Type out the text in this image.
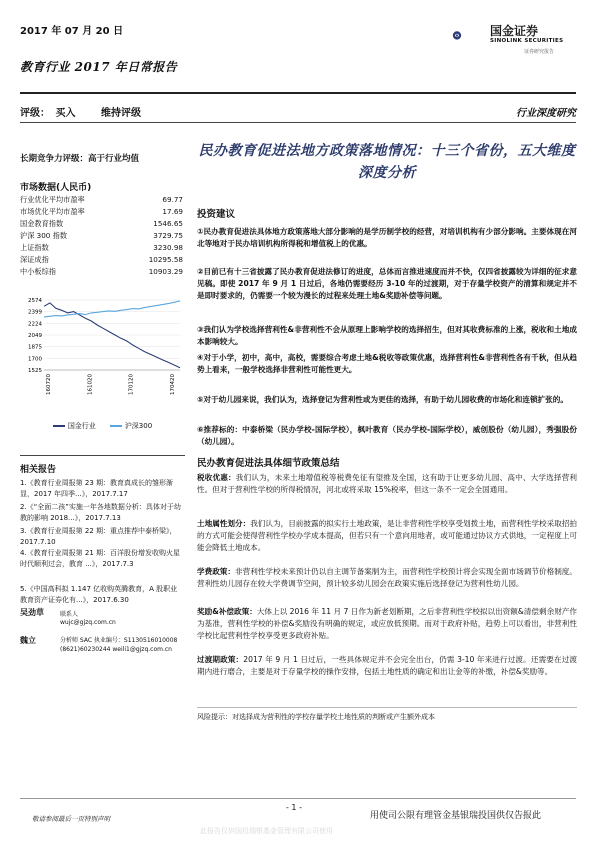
2017 年 07 月 20 日
教育行业 2017 年日常报告
国金证券
SINOLINK SECURITIES
证券研究报告
评级： 买入	维持评级	行业深度研究
长期竞争力评级：高于行业均值
市场数据(人民币)
行业优化平均市盈率	69.77
市场优化平均市盈率	17.69
国金教育指数	1546.65
沪深 300 指数	3729.75
上证指数	3230.98
深证成指	10295.58
中小板综指	10903.29
1525
1700
1875
2049
2224
2399
2574
160720	161020	170120	170420
国金行业	沪深300
相关报告
1.《教育行业周报第 23 期：教育真成长的雏形渐显，2017 年四季...》，2017.7.17
2.《“全面二孩”实施一年各地数据分析：具体对于幼教的影响 2018...》，2017.7.13
3.《教育行业周报第 22 期：重点推荐中泰桥梁》，2017.7.10
4.《教育行业周报第 21 期：百洋股份增发收购火星时代顺利过会，教育 ...》，2017.7.3
5.《中国高科拟 1.147 亿收购英腾教育，A 股职业教育资产证券化有...》，2017.6.30
吴劲草	联系人
wujc@gjzq.com.cn
魏立	分析师 SAC 执业编号：S1130516010008 (8621)60230244 weili1@gjzq.com.cn
民办教育促进法地方政策落地情况：十三个省份，五大维度深度分析
投资建议
①民办教育促进法具体地方政策落地大部分影响的是学历制学校的经营，对培训机构有少部分影响。主要体现在河北等地对于民办培训机构所得税和增值税上的优惠。
②目前已有十三省披露了民办教育促进法修订的进度，总体而言推进速度而并不快，仅四省披露较为详细的征求意见稿。即使 2017 年 9 月 1 日过后，各地仍需要经历 3-10 年的过渡期，对于存量学校资产的清算和规定并不是即时要求的，仍需要一个较为漫长的过程来处理土地&奖励补偿等问题。
③我们认为学校选择营利性&非营利性不会从原理上影响学校的选择招生，但对其收费标准的上涨，税收和土地成本影响较大。
④对于小学，初中，高中，高校，需要综合考虑土地&税收等政策优惠，选择营利性&非营利性各有千秋，但从趋势上看来，一般学校选择非营利性可能性更大。
⑤对于幼儿园来说，我们认为，选择登记为营利性或为更佳的选择，有助于幼儿园收费的市场化和连锁扩张的。
⑥推荐标的：中泰桥梁（民办学校-国际学校），枫叶教育（民办学校-国际学校），威创股份（幼儿园），秀强股份（幼儿园）。
民办教育促进法具体细节政策总结
税收优惠：我们认为，未来土地增值税等税费免征有望推及全国，这有助于让更多幼儿园、高中、大学选择营利性。但对于营利性学校的所得税情况，河北或将采取 15%税率，但这一条不一定会全国通用。
土地属性划分：我们认为，目前披露的拟实行土地政策，是让非营利性学校享受划拨土地，而营利性学校采取招拍的方式可能会使得营利性学校办学成本提高，但若只有一个意向用地者，或可能通过协议方式供地，一定程度上可能会降低土地成本。
学费政策：非营利性学校未来预计仍以自主调节备案制为主，而营利性学校预计将会实现全面市场调节价格制度。营利性幼儿园存在较大学费调节空间，预计较多幼儿园会在政策实施后选择登记为营利性幼儿园。
奖励&补偿政策：大体上以 2016 年 11 月 7 日作为新老划断期，之后非营利性学校拟以出资额&清偿剩余财产作为基准，营利性学校的补偿&奖励没有明确的规定，或应放低预期。而对于政府补贴，趋势上可以看出，非营利性学校比起营利性学校享受更多政府补贴。
过渡期政策：2017 年 9 月 1 日过后，一些具体规定并不会完全出台，仍需 3-10 年来进行过渡。还需要在过渡期内进行磨合，主要是对于存量学校的操作安排，包括土地性质的确定和出让金等的补缴，补偿&奖励等。
风险提示：对选择成为营利性的学校存量学校土地性质的判断或产生额外成本
- 1 -
敬请参阅最后一页特别声明	用使司公限有理管金基银瑞投国供仅告报此
此报告仅供国投瑞银基金管理有限公司使用
